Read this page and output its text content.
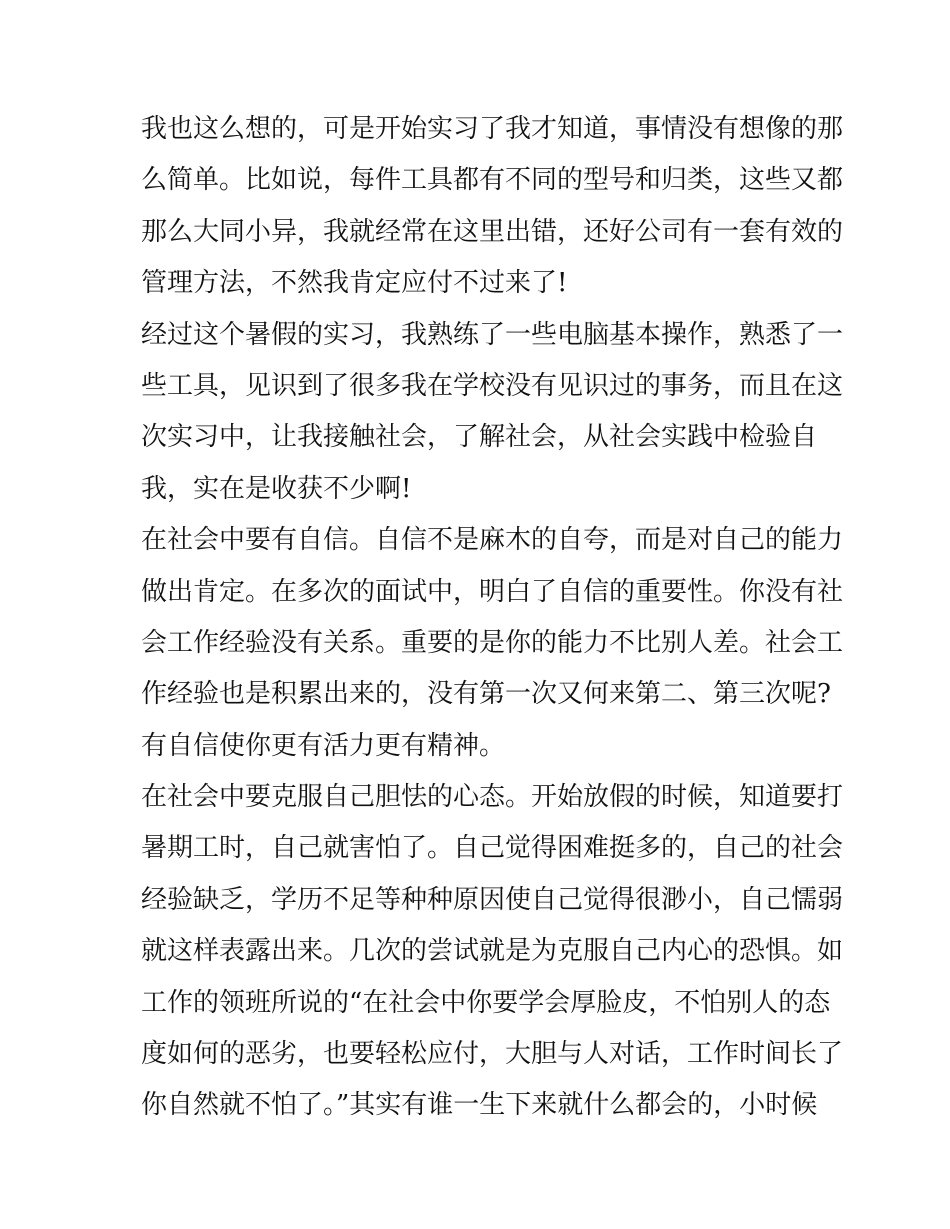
我也这么想的，可是开始实习了我才知道，事情没有想像的那
么简单。比如说，每件工具都有不同的型号和归类，这些又都
那么大同小异，我就经常在这里出错，还好公司有一套有效的
管理方法，不然我肯定应付不过来了!
经过这个暑假的实习，我熟练了一些电脑基本操作，熟悉了一
些工具，见识到了很多我在学校没有见识过的事务，而且在这
次实习中，让我接触社会，了解社会，从社会实践中检验自
我，实在是收获不少啊!
在社会中要有自信。自信不是麻木的自夸，而是对自己的能力
做出肯定。在多次的面试中，明白了自信的重要性。你没有社
会工作经验没有关系。重要的是你的能力不比别人差。社会工
作经验也是积累出来的，没有第一次又何来第二、第三次呢?
有自信使你更有活力更有精神。
在社会中要克服自己胆怯的心态。开始放假的时候，知道要打
暑期工时，自己就害怕了。自己觉得困难挺多的，自己的社会
经验缺乏，学历不足等种种原因使自己觉得很渺小，自己懦弱
就这样表露出来。几次的尝试就是为克服自己内心的恐惧。如
工作的领班所说的“在社会中你要学会厚脸皮，不怕别人的态
度如何的恶劣，也要轻松应付，大胆与人对话，工作时间长了
你自然就不怕了。”其实有谁一生下来就什么都会的，小时候
